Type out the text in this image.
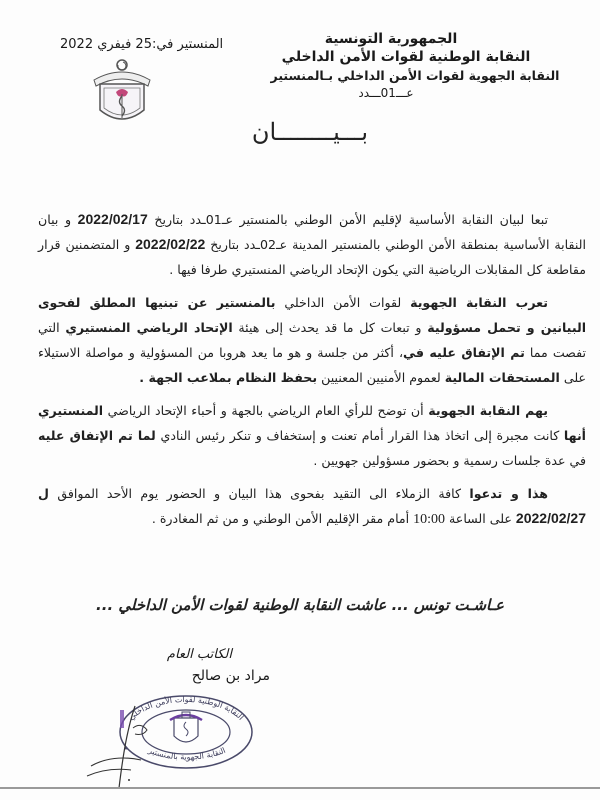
الجمهورية التونسية
النقابة الوطنية لقوات الأمن الداخلي
النقابة الجهوية لقوات الأمن الداخلي بـالمنستير
عـــ01ـــدد
المنستير في:25 فيفري 2022
بـــيــــــــان

تبعا لبيان النقابة الأساسية لإقليم الأمن الوطني بالمنستير عـ01ـدد بتاريخ 2022/02/17 و بيان النقابة الأساسية بمنطقة الأمن الوطني بالمنستير المدينة عـ02ـدد بتاريخ 2022/02/22 و المتضمنين قرار مقاطعة كل المقابلات الرياضية التي يكون الإتحاد الرياضي المنستيري طرفا فيها .

تعرب النقابة الجهوية لقوات الأمن الداخلي بالمنستير عن تبنيها المطلق لفحوى البيانين و تحمل مسؤولية و تبعات كل ما قد يحدث إلى هيئة الإتحاد الرياضي المنستيري التي تفصت مما تم الإتفاق عليه في، أكثر من جلسة و هو ما يعد هروبا من المسؤولية و مواصلة الاستيلاء على المستحقات المالية لعموم الأمنيين المعنيين بحفظ النظام بملاعب الجهة .

يهم النقابة الجهوية أن توضح للرأي العام الرياضي بالجهة و أحباء الإتحاد الرياضي المنستيري أنها كانت مجبرة إلى اتخاذ هذا القرار أمام تعنت و إستخفاف و تنكر رئيس النادي لما تم الإتفاق عليه في عدة جلسات رسمية و بحضور مسؤولين جهويين .

هذا و تدعوا كافة الزملاء الى التقيد بفحوى هذا البيان و الحضور يوم الأحد الموافق ل 2022/02/27 على الساعة 10:00 أمام مقر الإقليم الأمن الوطني و من ثم المغادرة .

عـاشـت تونس ... عاشت النقابة الوطنية لقوات الأمن الداخلي ...
الكاتب العام
مراد بن صالح
النقابة الوطنية لقوات الأمن الداخلي
النقابة الجهوية بالمنستير
